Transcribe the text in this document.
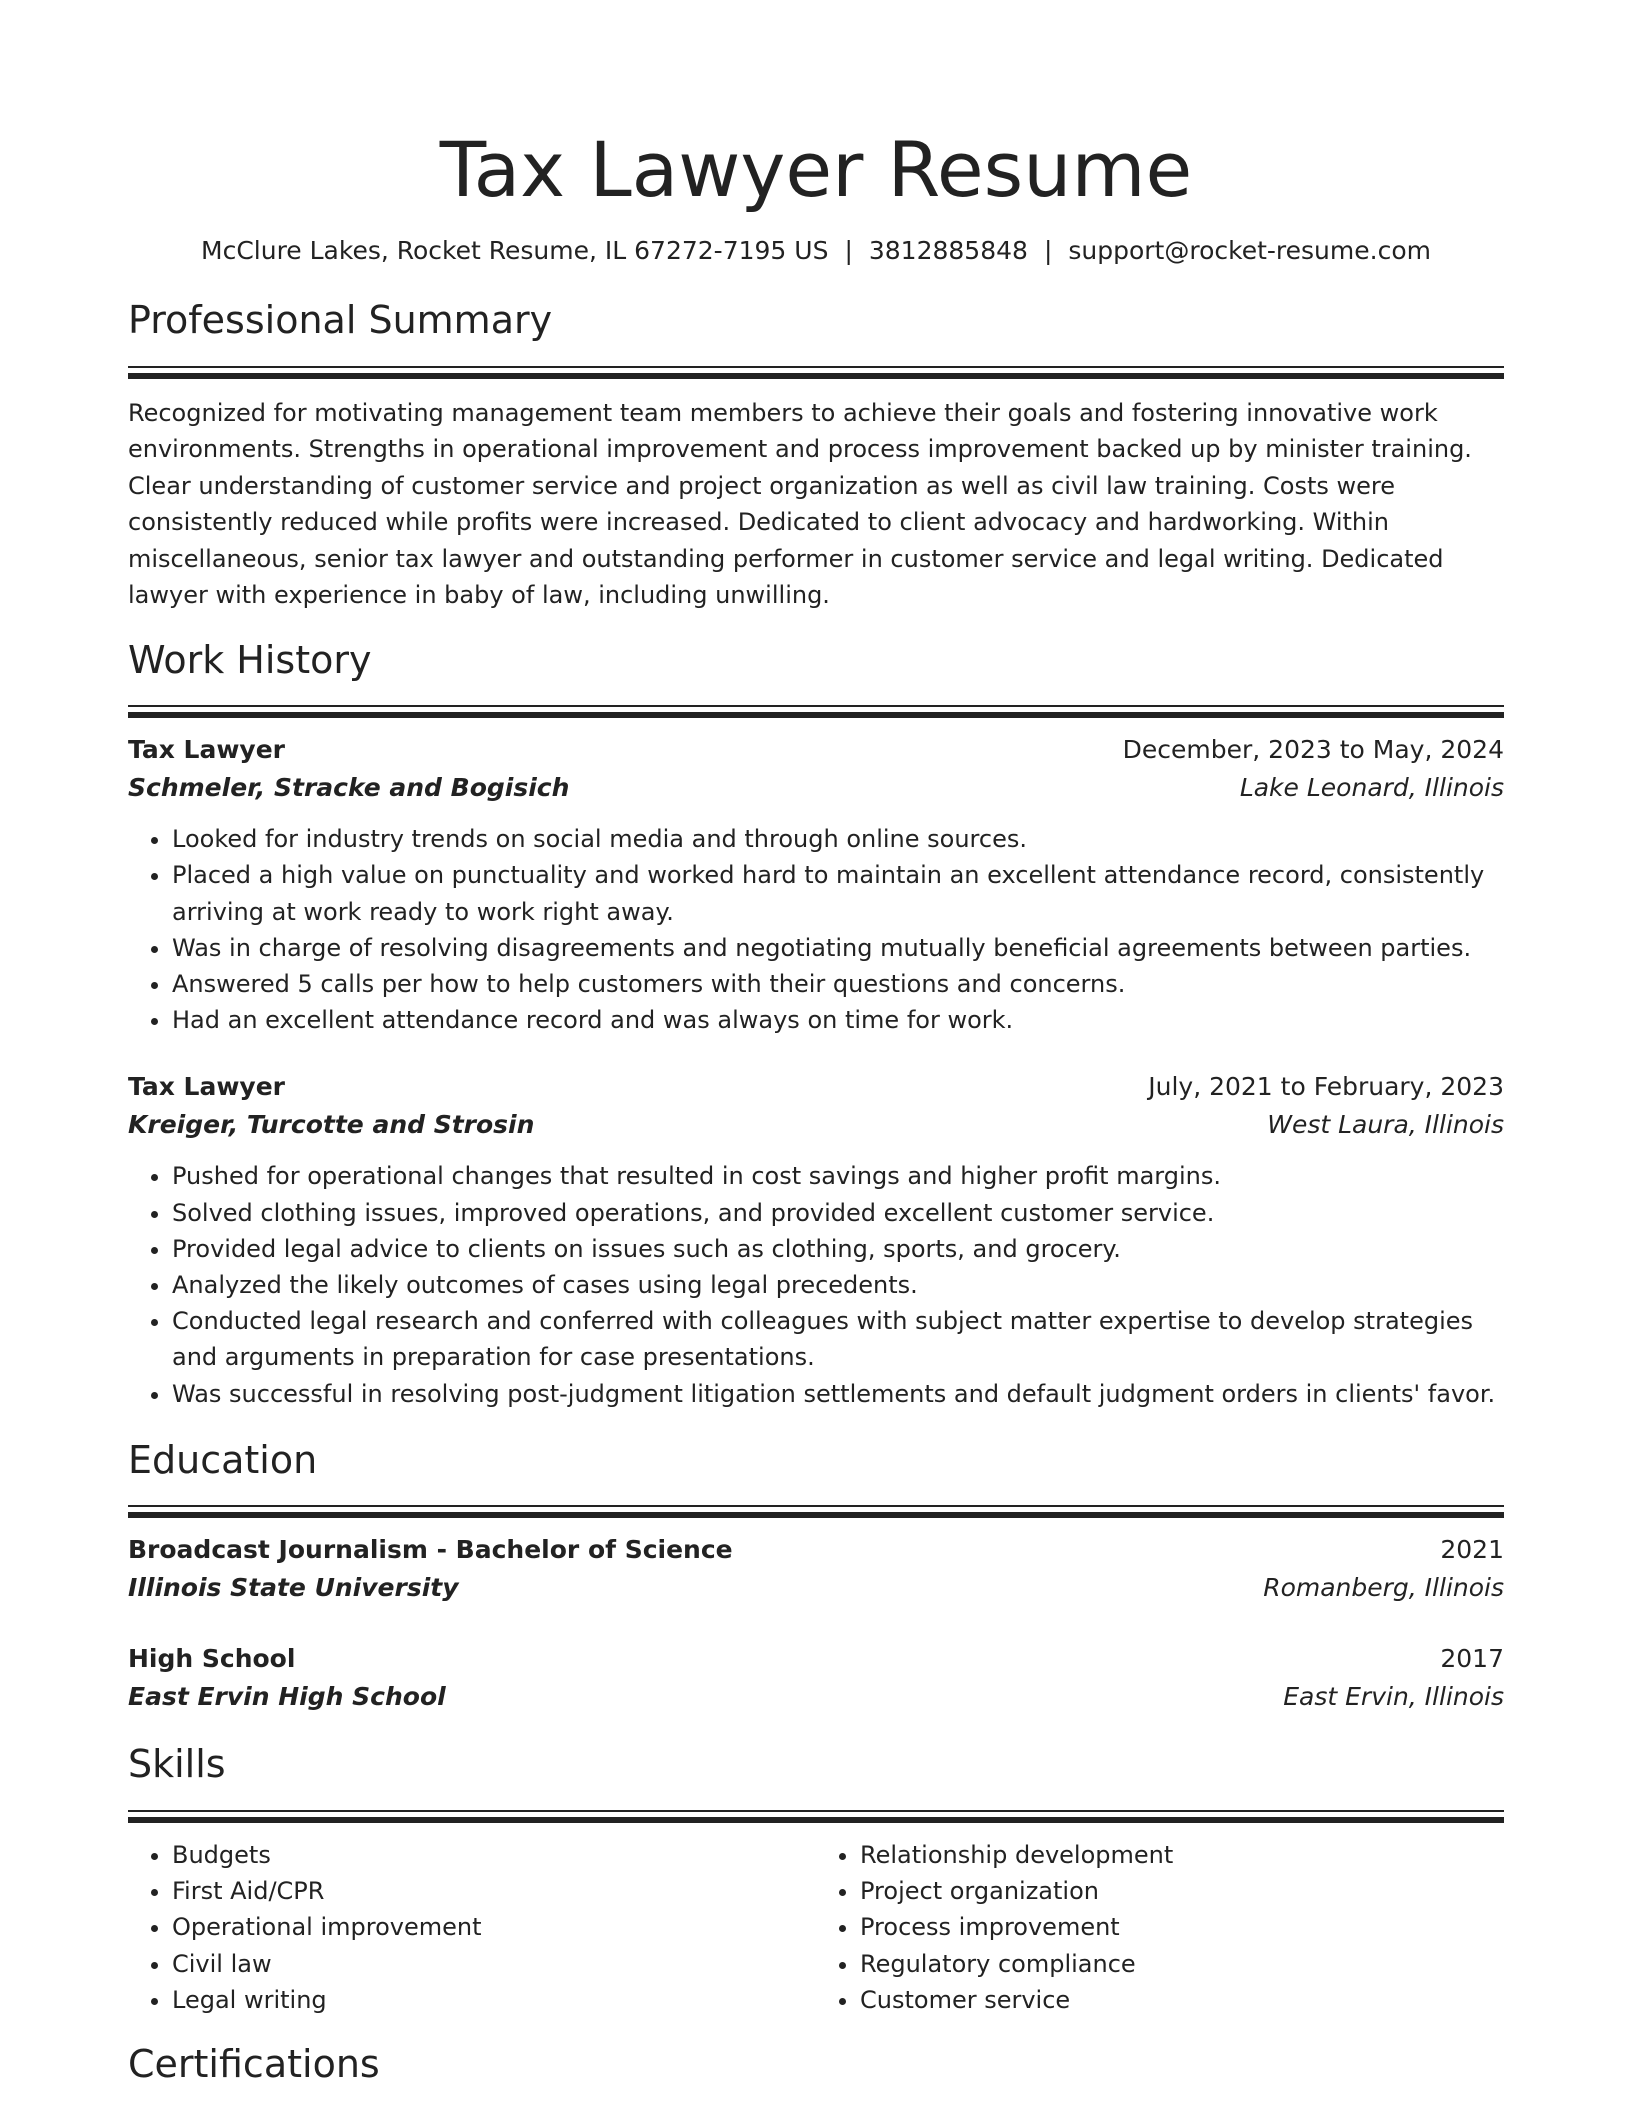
Tax Lawyer Resume
McClure Lakes, Rocket Resume, IL 67272-7195 US | 3812885848 | support@rocket-resume.com
Professional Summary

Recognized for motivating management team members to achieve their goals and fostering innovative work environments. Strengths in operational improvement and process improvement backed up by minister training. Clear understanding of customer service and project organization as well as civil law training. Costs were consistently reduced while profits were increased. Dedicated to client advocacy and hardworking. Within miscellaneous, senior tax lawyer and outstanding performer in customer service and legal writing. Dedicated lawyer with experience in baby of law, including unwilling.

Work History
Tax Lawyer	December, 2023 to May, 2024
Schmeler, Stracke and Bogisich	Lake Leonard, Illinois
• Looked for industry trends on social media and through online sources.
• Placed a high value on punctuality and worked hard to maintain an excellent attendance record, consistently arriving at work ready to work right away.
• Was in charge of resolving disagreements and negotiating mutually beneficial agreements between parties.
• Answered 5 calls per how to help customers with their questions and concerns.
• Had an excellent attendance record and was always on time for work.
Tax Lawyer	July, 2021 to February, 2023
Kreiger, Turcotte and Strosin	West Laura, Illinois
• Pushed for operational changes that resulted in cost savings and higher profit margins.
• Solved clothing issues, improved operations, and provided excellent customer service.
• Provided legal advice to clients on issues such as clothing, sports, and grocery.
• Analyzed the likely outcomes of cases using legal precedents.
• Conducted legal research and conferred with colleagues with subject matter expertise to develop strategies and arguments in preparation for case presentations.
• Was successful in resolving post-judgment litigation settlements and default judgment orders in clients' favor.
Education
Broadcast Journalism - Bachelor of Science	2021
Illinois State University	Romanberg, Illinois
High School	2017
East Ervin High School	East Ervin, Illinois
Skills
• Budgets
• First Aid/CPR
• Operational improvement
• Civil law
• Legal writing
• Relationship development
• Project organization
• Process improvement
• Regulatory compliance
• Customer service
Certifications
